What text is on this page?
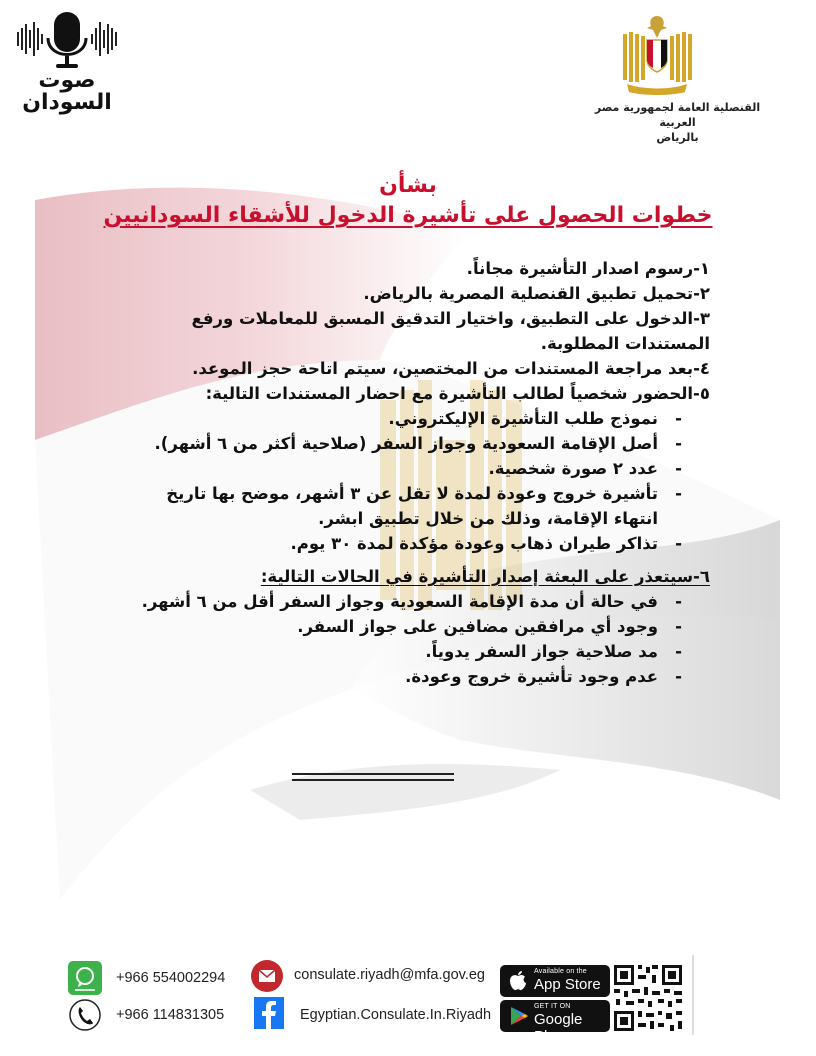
صوت السودان	القنصلية العامة لجمهورية مصر العربية
بالرياض
بشأن
خطوات الحصول على تأشيرة الدخول للأشقاء السودانيين
١-رسوم اصدار التأشيرة مجاناً.
٢-تحميل تطبيق القنصلية المصرية بالرياض.
٣-الدخول على التطبيق، واختيار التدقيق المسبق للمعاملات ورفع المستندات المطلوبة.
٤-بعد مراجعة المستندات من المختصين، سيتم اتاحة حجز الموعد.
٥-الحضور شخصياً لطالب التأشيرة مع احضار المستندات التالية:
- نموذج طلب التأشيرة الإليكتروني.
- أصل الإقامة السعودية وجواز السفر (صلاحية أكثر من ٦ أشهر).
- عدد ٢ صورة شخصية.
- تأشيرة خروج وعودة لمدة لا تقل عن ٣ أشهر، موضح بها تاريخ انتهاء الإقامة، وذلك من خلال تطبيق ابشر.
- تذاكر طيران ذهاب وعودة مؤكدة لمدة ٣٠ يوم.
٦-سيتعذر على البعثة إصدار التأشيرة في الحالات التالية:
- في حالة أن مدة الإقامة السعودية وجواز السفر أقل من ٦ أشهر.
- وجود أي مرافقين مضافين على جواز السفر.
- مد صلاحية جواز السفر يدوياً.
- عدم وجود تأشيرة خروج وعودة.
+966 554002294
+966 114831305
consulate.riyadh@mfa.gov.eg
Egyptian.Consulate.In.Riyadh
Available on the
App Store
GET IT ON
Google Play
